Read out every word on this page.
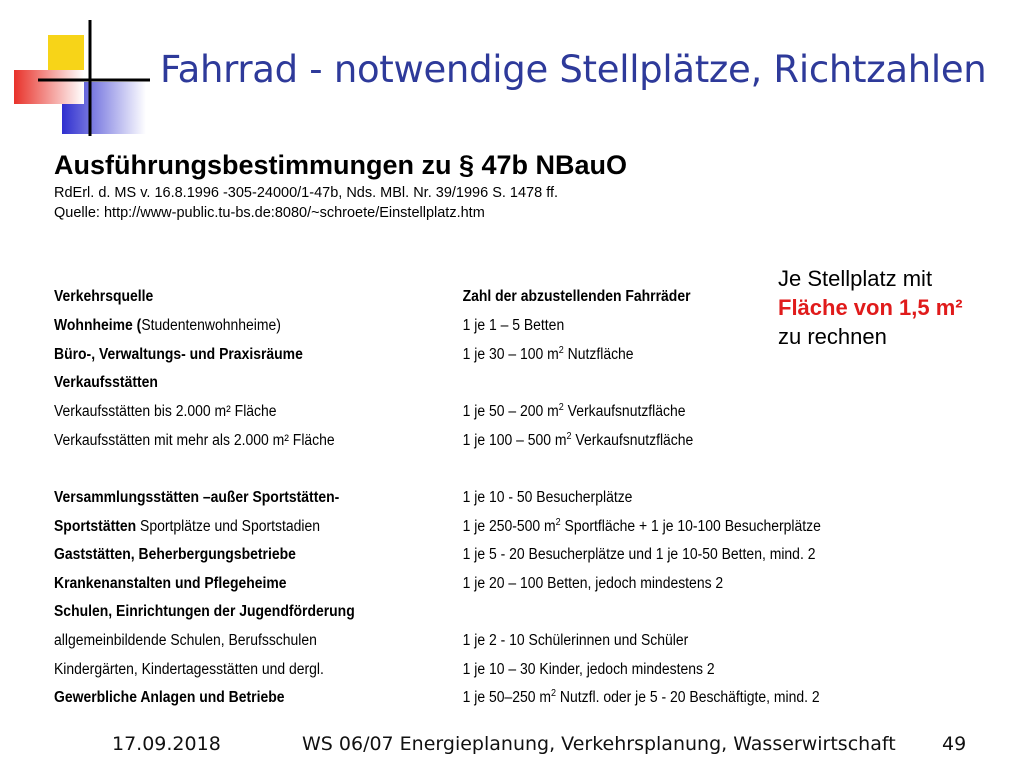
Fahrrad - notwendige Stellplätze, Richtzahlen
Ausführungsbestimmungen zu § 47b NBauO
RdErl. d. MS v. 16.8.1996 -305-24000/1-47b, Nds. MBl. Nr. 39/1996 S. 1478 ff.
Quelle: http://www-public.tu-bs.de:8080/~schroete/Einstellplatz.htm
Je Stellplatz mit
Fläche von 1,5 m²
zu rechnen
Verkehrsquelle	Zahl der abzustellenden Fahrräder
Wohnheime (Studentenwohnheime)	1 je 1 – 5 Betten
Büro-, Verwaltungs- und Praxisräume	1 je 30 – 100 $m^2$ Nutzfläche
Verkaufsstätten
Verkaufsstätten bis 2.000 m² Fläche	1 je 50 – 200 $m^2$ Verkaufsnutzfläche
Verkaufsstätten mit mehr als 2.000 m² Fläche	1 je 100 – 500 $m^2$ Verkaufsnutzfläche
Versammlungsstätten –außer Sportstätten-	1 je 10 - 50 Besucherplätze
Sportstätten Sportplätze und Sportstadien	1 je 250-500 $m^2$ Sportfläche + 1 je 10-100 Besucherplätze
Gaststätten, Beherbergungsbetriebe	1 je 5 - 20 Besucherplätze und 1 je 10-50 Betten, mind. 2
Krankenanstalten und Pflegeheime	1 je 20 – 100 Betten, jedoch mindestens 2
Schulen, Einrichtungen der Jugendförderung
allgemeinbildende Schulen, Berufsschulen	1 je 2 - 10 Schülerinnen und Schüler
Kindergärten, Kindertagesstätten und dergl.	1 je 10 – 30 Kinder, jedoch mindestens 2
Gewerbliche Anlagen und Betriebe	1 je 50–250 $m^2$ Nutzfl. oder je 5 - 20 Beschäftigte, mind. 2
17.09.2018	WS 06/07 Energieplanung, Verkehrsplanung, Wasserwirtschaft 49
